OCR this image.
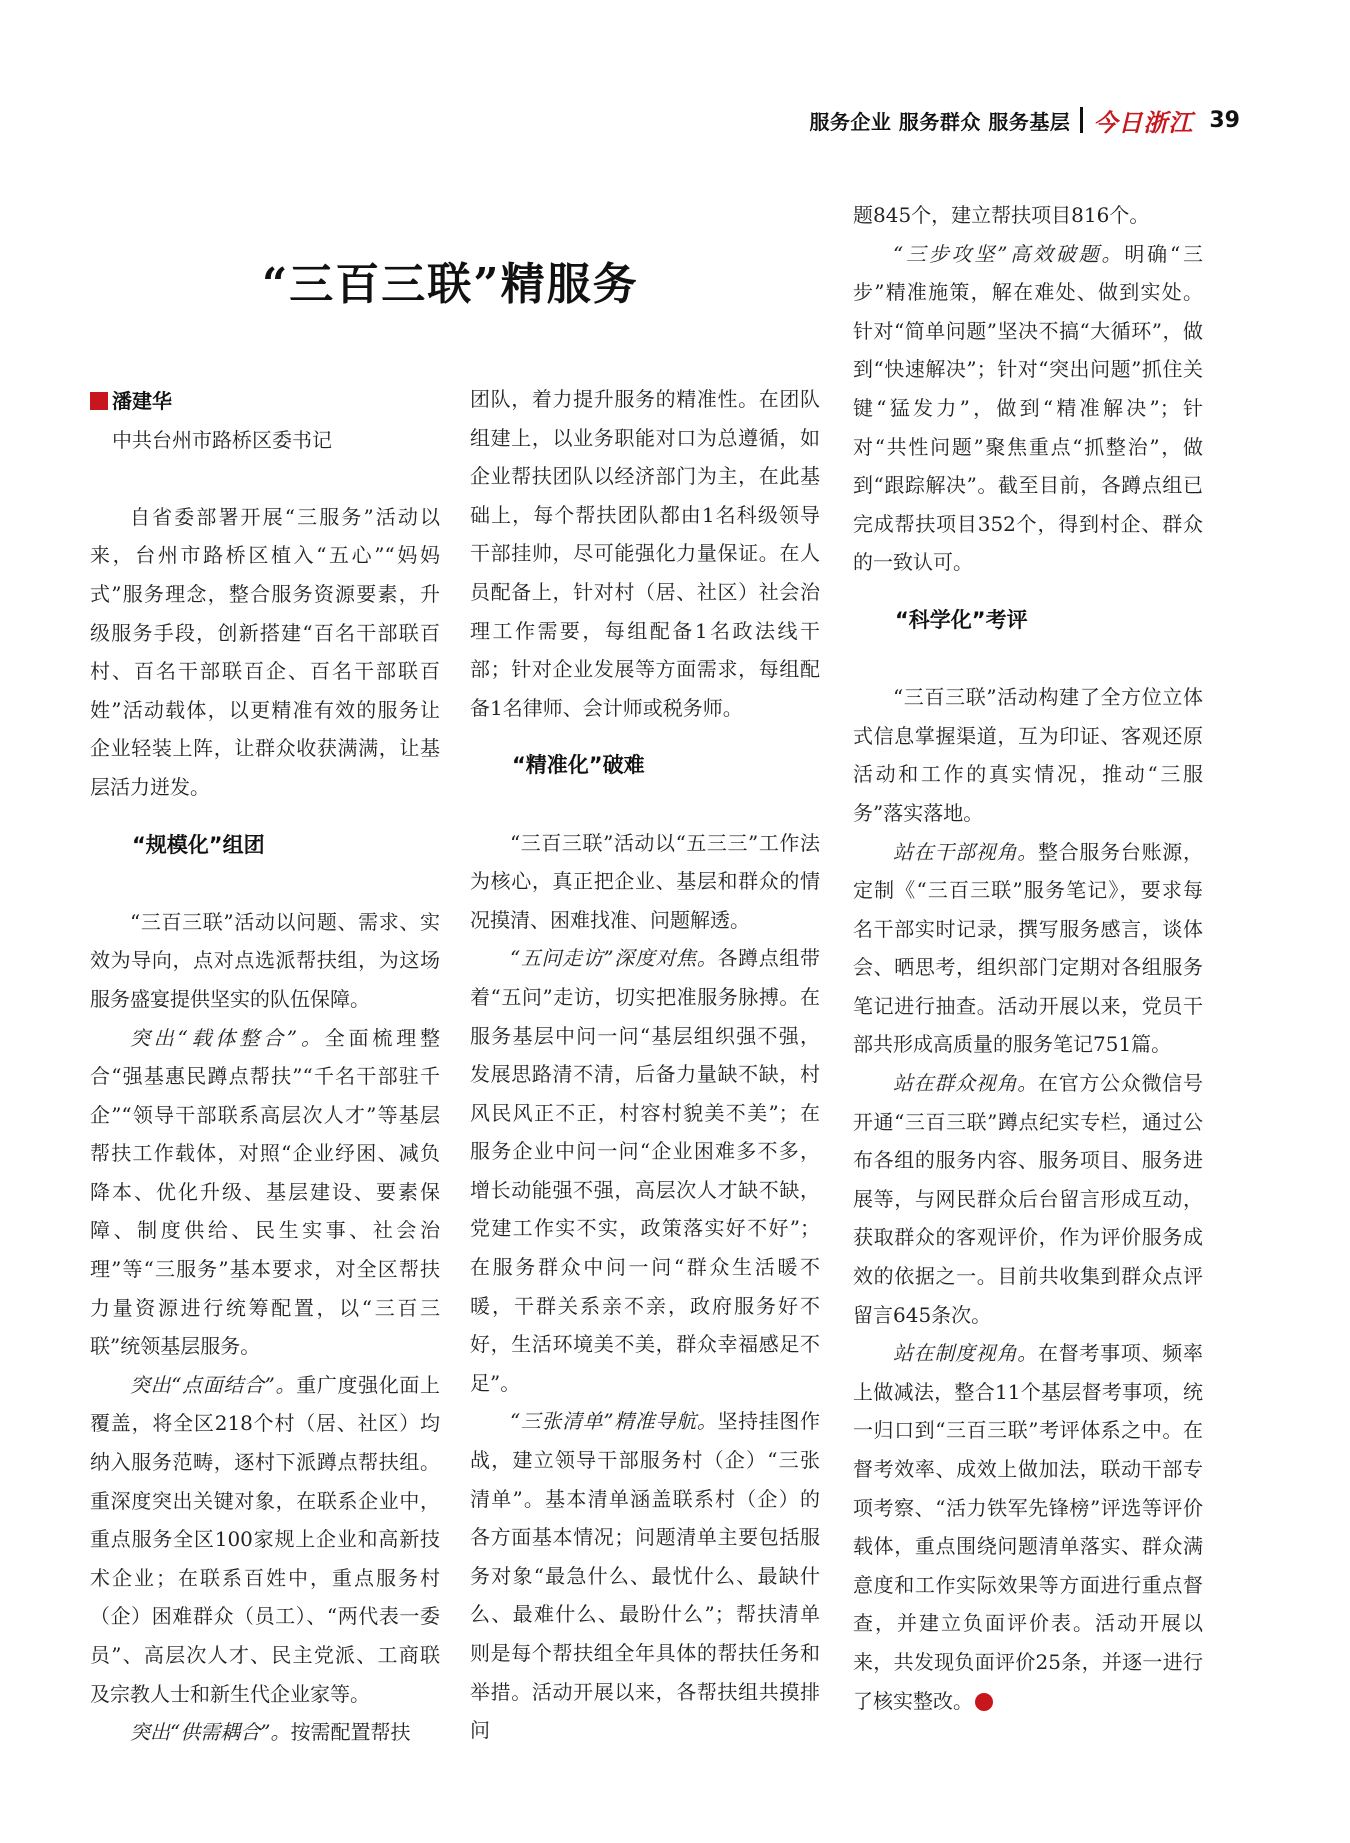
服务企业 服务群众 服务基层 今日浙江 39
“三百三联”精服务

潘建华

中共台州市路桥区委书记

自省委部署开展“三服务”活动以来，台州市路桥区植入“五心”“妈妈式”服务理念，整合服务资源要素，升级服务手段，创新搭建“百名干部联百村、百名干部联百企、百名干部联百姓”活动载体，以更精准有效的服务让企业轻装上阵，让群众收获满满，让基层活力迸发。

“规模化”组团

“三百三联”活动以问题、需求、实效为导向，点对点选派帮扶组，为这场服务盛宴提供坚实的队伍保障。

突出“载体整合”。全面梳理整合“强基惠民蹲点帮扶”“千名干部驻千企”“领导干部联系高层次人才”等基层帮扶工作载体，对照“企业纾困、减负降本、优化升级、基层建设、要素保障、制度供给、民生实事、社会治理”等“三服务”基本要求，对全区帮扶力量资源进行统筹配置，以“三百三联”统领基层服务。

突出“点面结合”。重广度强化面上覆盖，将全区218个村（居、社区）均纳入服务范畴，逐村下派蹲点帮扶组。重深度突出关键对象，在联系企业中，重点服务全区100家规上企业和高新技术企业；在联系百姓中，重点服务村（企）困难群众（员工）、“两代表一委员”、高层次人才、民主党派、工商联及宗教人士和新生代企业家等。

突出“供需耦合”。按需配置帮扶

团队，着力提升服务的精准性。在团队组建上，以业务职能对口为总遵循，如企业帮扶团队以经济部门为主，在此基础上，每个帮扶团队都由1名科级领导干部挂帅，尽可能强化力量保证。在人员配备上，针对村（居、社区）社会治理工作需要，每组配备1名政法线干部；针对企业发展等方面需求，每组配备1名律师、会计师或税务师。

“精准化”破难

“三百三联”活动以“五三三”工作法为核心，真正把企业、基层和群众的情况摸清、困难找准、问题解透。

“五问走访”深度对焦。各蹲点组带着“五问”走访，切实把准服务脉搏。在服务基层中问一问“基层组织强不强，发展思路清不清，后备力量缺不缺，村风民风正不正，村容村貌美不美”；在服务企业中问一问“企业困难多不多，增长动能强不强，高层次人才缺不缺，党建工作实不实，政策落实好不好”；在服务群众中问一问“群众生活暖不暖，干群关系亲不亲，政府服务好不好，生活环境美不美，群众幸福感足不足”。

“三张清单”精准导航。坚持挂图作战，建立领导干部服务村（企）“三张清单”。基本清单涵盖联系村（企）的各方面基本情况；问题清单主要包括服务对象“最急什么、最忧什么、最缺什么、最难什么、最盼什么”；帮扶清单则是每个帮扶组全年具体的帮扶任务和举措。活动开展以来，各帮扶组共摸排问

题845个，建立帮扶项目816个。

“三步攻坚”高效破题。明确“三步”精准施策，解在难处、做到实处。针对“简单问题”坚决不搞“大循环”，做到“快速解决”；针对“突出问题”抓住关键“猛发力”，做到“精准解决”；针对“共性问题”聚焦重点“抓整治”，做到“跟踪解决”。截至目前，各蹲点组已完成帮扶项目352个，得到村企、群众的一致认可。

“科学化”考评

“三百三联”活动构建了全方位立体式信息掌握渠道，互为印证、客观还原活动和工作的真实情况，推动“三服务”落实落地。

站在干部视角。整合服务台账源，定制《“三百三联”服务笔记》，要求每名干部实时记录，撰写服务感言，谈体会、晒思考，组织部门定期对各组服务笔记进行抽查。活动开展以来，党员干部共形成高质量的服务笔记751篇。

站在群众视角。在官方公众微信号开通“三百三联”蹲点纪实专栏，通过公布各组的服务内容、服务项目、服务进展等，与网民群众后台留言形成互动，获取群众的客观评价，作为评价服务成效的依据之一。目前共收集到群众点评留言645条次。

站在制度视角。在督考事项、频率上做减法，整合11个基层督考事项，统一归口到“三百三联”考评体系之中。在督考效率、成效上做加法，联动干部专项考察、“活力铁军先锋榜”评选等评价载体，重点围绕问题清单落实、群众满意度和工作实际效果等方面进行重点督查，并建立负面评价表。活动开展以来，共发现负面评价25条，并逐一进行了核实整改。	今
